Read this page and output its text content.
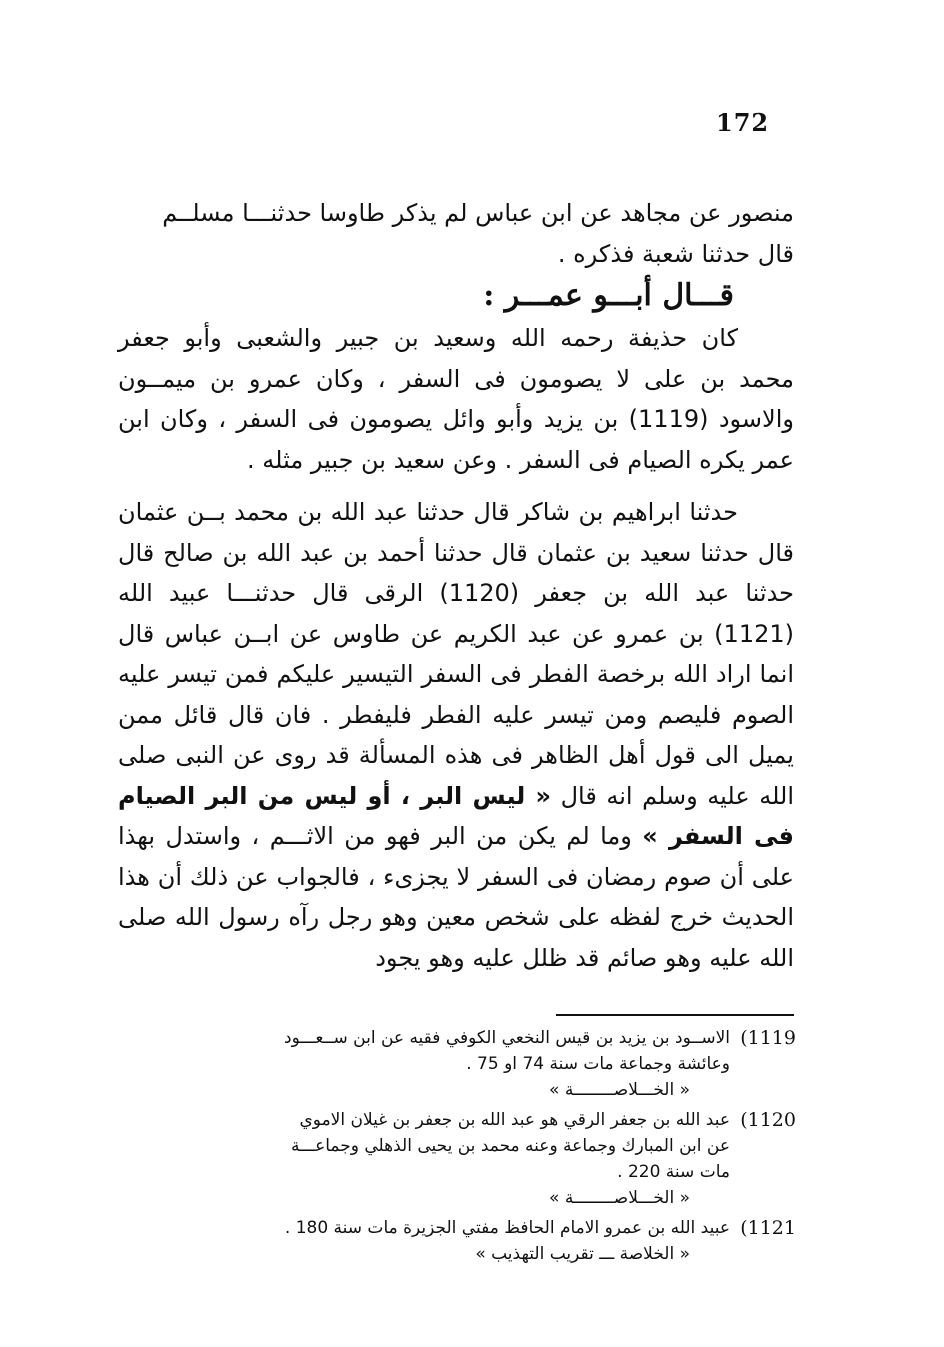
172

منصور عن مجاهد عن ابن عباس لم يذكر طاوسا حدثنـــا مسلــم

قال حدثنا شعبة فذكره .

قـــال أبـــو عمـــر :

كان حذيفة رحمه الله وسعيد بن جبير والشعبى وأبو جعفر محمد بن على لا يصومون فى السفر ، وكان عمرو بن ميمــون والاسود (1119) بن يزيد وأبو وائل يصومون فى السفر ، وكان ابن عمر يكره الصيام فى السفر . وعن سعيد بن جبير مثله .

حدثنا ابراهيم بن شاكر قال حدثنا عبد الله بن محمد بــن عثمان قال حدثنا سعيد بن عثمان قال حدثنا أحمد بن عبد الله بن صالح قال حدثنا عبد الله بن جعفر (1120) الرقى قال حدثنـــا عبيد الله (1121) بن عمرو عن عبد الكريم عن طاوس عن ابــن عباس قال انما اراد الله برخصة الفطر فى السفر التيسير عليكم فمن تيسر عليه الصوم فليصم ومن تيسر عليه الفطر فليفطر . فان قال قائل ممن يميل الى قول أهل الظاهر فى هذه المسألة قد روى عن النبى صلى الله عليه وسلم انه قال « ليس البر ، أو ليس من البر الصيام فى السفر » وما لم يكن من البر فهو من الاثـــم ، واستدل بهذا على أن صوم رمضان فى السفر لا يجزىء ، فالجواب عن ذلك أن هذا الحديث خرج لفظه على شخص معين وهو رجل رآه رسول الله صلى الله عليه وهو صائم قد ظلل عليه وهو يجود

(1119
الاســود بن يزيد بن قيس النخعي الكوفي فقيه عن ابن ســعـــود
وعائشة وجماعة مات سنة 74 او 75 .
« الخـــلاصــــــــة »
(1120
عبد الله بن جعفر الرقي هو عبد الله بن جعفر بن غيلان الاموي
عن ابن المبارك وجماعة وعنه محمد بن يحيى الذهلي وجماعـــة
مات سنة 220 .
« الخـــلاصــــــــة »
(1121
عبيد الله بن عمرو الامام الحافظ مفتي الجزيرة مات سنة 180 .
« الخلاصة ـــ تقريب التهذيب »
